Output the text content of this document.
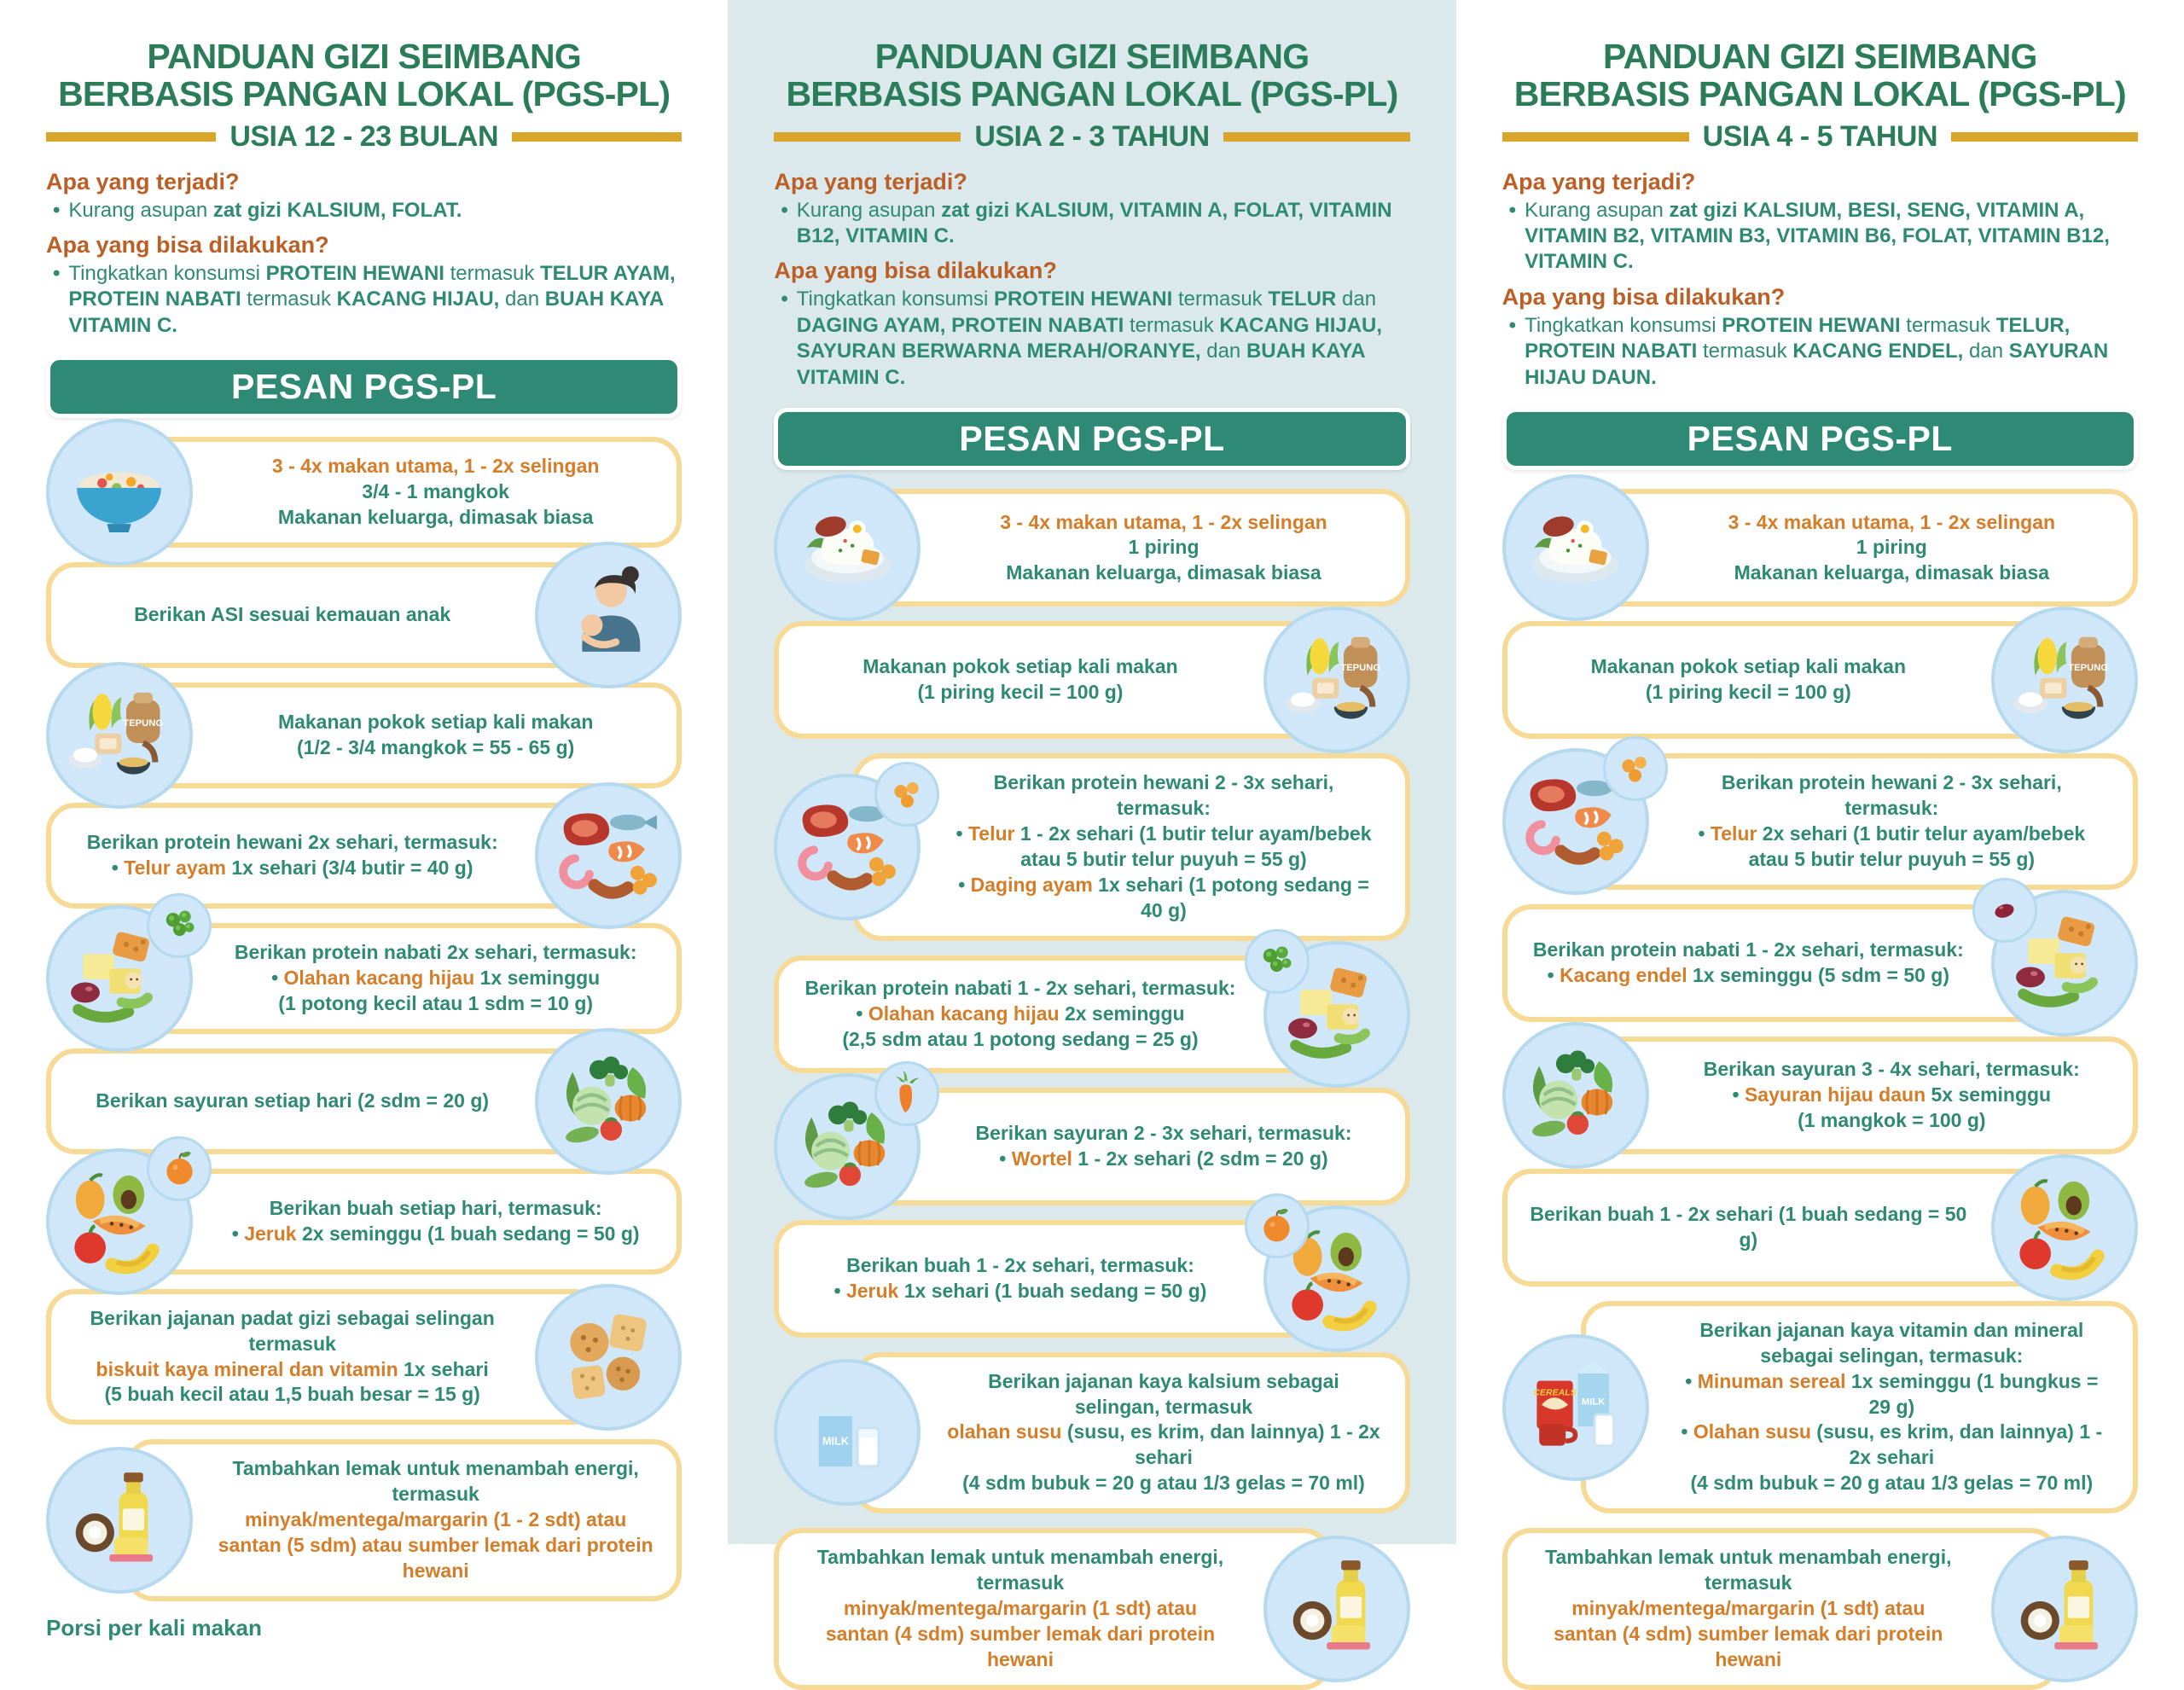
PANDUAN GIZI SEIMBANG
BERBASIS PANGAN LOKAL (PGS-PL)
USIA 12 - 23 BULAN
Apa yang terjadi?
• Kurang asupan zat gizi KALSIUM, FOLAT.
Apa yang bisa dilakukan?
• Tingkatkan konsumsi PROTEIN HEWANI termasuk TELUR AYAM, PROTEIN NABATI termasuk KACANG HIJAU, dan BUAH KAYA VITAMIN C.
PESAN PGS-PL
3 - 4x makan utama, 1 - 2x selingan
3/4 - 1 mangkok
Makanan keluarga, dimasak biasa
Berikan ASI sesuai kemauan anak
TEPUNG	Makanan pokok setiap kali makan
(1/2 - 3/4 mangkok = 55 - 65 g)
Berikan protein hewani 2x sehari, termasuk:
• Telur ayam 1x sehari (3/4 butir = 40 g)
Berikan protein nabati 2x sehari, termasuk:
• Olahan kacang hijau 1x seminggu
(1 potong kecil atau 1 sdm = 10 g)
Berikan sayuran setiap hari (2 sdm = 20 g)
Berikan buah setiap hari, termasuk:
• Jeruk 2x seminggu (1 buah sedang = 50 g)
Berikan jajanan padat gizi sebagai selingan termasuk
biskuit kaya mineral dan vitamin 1x sehari
(5 buah kecil atau 1,5 buah besar = 15 g)
Tambahkan lemak untuk menambah energi, termasuk
minyak/mentega/margarin (1 - 2 sdt) atau
santan (5 sdm) atau sumber lemak dari protein hewani
Porsi per kali makan
PANDUAN GIZI SEIMBANG
BERBASIS PANGAN LOKAL (PGS-PL)
USIA 2 - 3 TAHUN
Apa yang terjadi?
• Kurang asupan zat gizi KALSIUM, VITAMIN A, FOLAT, VITAMIN B12, VITAMIN C.
Apa yang bisa dilakukan?
• Tingkatkan konsumsi PROTEIN HEWANI termasuk TELUR dan DAGING AYAM, PROTEIN NABATI termasuk KACANG HIJAU, SAYURAN BERWARNA MERAH/ORANYE, dan BUAH KAYA VITAMIN C.
PESAN PGS-PL
3 - 4x makan utama, 1 - 2x selingan
1 piring
Makanan keluarga, dimasak biasa
TEPUNG
Makanan pokok setiap kali makan
(1 piring kecil = 100 g)
Berikan protein hewani 2 - 3x sehari, termasuk:
• Telur 1 - 2x sehari (1 butir telur ayam/bebek
atau 5 butir telur puyuh = 55 g)
• Daging ayam 1x sehari (1 potong sedang = 40 g)
Berikan protein nabati 1 - 2x sehari, termasuk:
• Olahan kacang hijau 2x seminggu
(2,5 sdm atau 1 potong sedang = 25 g)
Berikan sayuran 2 - 3x sehari, termasuk:
• Wortel 1 - 2x sehari (2 sdm = 20 g)
Berikan buah 1 - 2x sehari, termasuk:
• Jeruk 1x sehari (1 buah sedang = 50 g)
MILK
Berikan jajanan kaya kalsium sebagai selingan, termasuk
olahan susu (susu, es krim, dan lainnya) 1 - 2x sehari
(4 sdm bubuk = 20 g atau 1/3 gelas = 70 ml)
Tambahkan lemak untuk menambah energi, termasuk
minyak/mentega/margarin (1 sdt) atau
santan (4 sdm) sumber lemak dari protein hewani
PANDUAN GIZI SEIMBANG
BERBASIS PANGAN LOKAL (PGS-PL)
USIA 4 - 5 TAHUN
Apa yang terjadi?
• Kurang asupan zat gizi KALSIUM, BESI, SENG, VITAMIN A, VITAMIN B2, VITAMIN B3, VITAMIN B6, FOLAT, VITAMIN B12, VITAMIN C.
Apa yang bisa dilakukan?
• Tingkatkan konsumsi PROTEIN HEWANI termasuk TELUR, PROTEIN NABATI termasuk KACANG ENDEL, dan SAYURAN HIJAU DAUN.
PESAN PGS-PL
3 - 4x makan utama, 1 - 2x selingan
1 piring
Makanan keluarga, dimasak biasa
TEPUNG
Makanan pokok setiap kali makan
(1 piring kecil = 100 g)
Berikan protein hewani 2 - 3x sehari, termasuk:
• Telur 2x sehari (1 butir telur ayam/bebek
atau 5 butir telur puyuh = 55 g)
Berikan protein nabati 1 - 2x sehari, termasuk:
• Kacang endel 1x seminggu (5 sdm = 50 g)
Berikan sayuran 3 - 4x sehari, termasuk:
• Sayuran hijau daun 5x seminggu
(1 mangkok = 100 g)
Berikan buah 1 - 2x sehari (1 buah sedang = 50 g)
CEREALS
MILK
Berikan jajanan kaya vitamin dan mineral
sebagai selingan, termasuk:
• Minuman sereal 1x seminggu (1 bungkus = 29 g)
• Olahan susu (susu, es krim, dan lainnya) 1 - 2x sehari
(4 sdm bubuk = 20 g atau 1/3 gelas = 70 ml)
Tambahkan lemak untuk menambah energi, termasuk
minyak/mentega/margarin (1 sdt) atau
santan (4 sdm) sumber lemak dari protein hewani
